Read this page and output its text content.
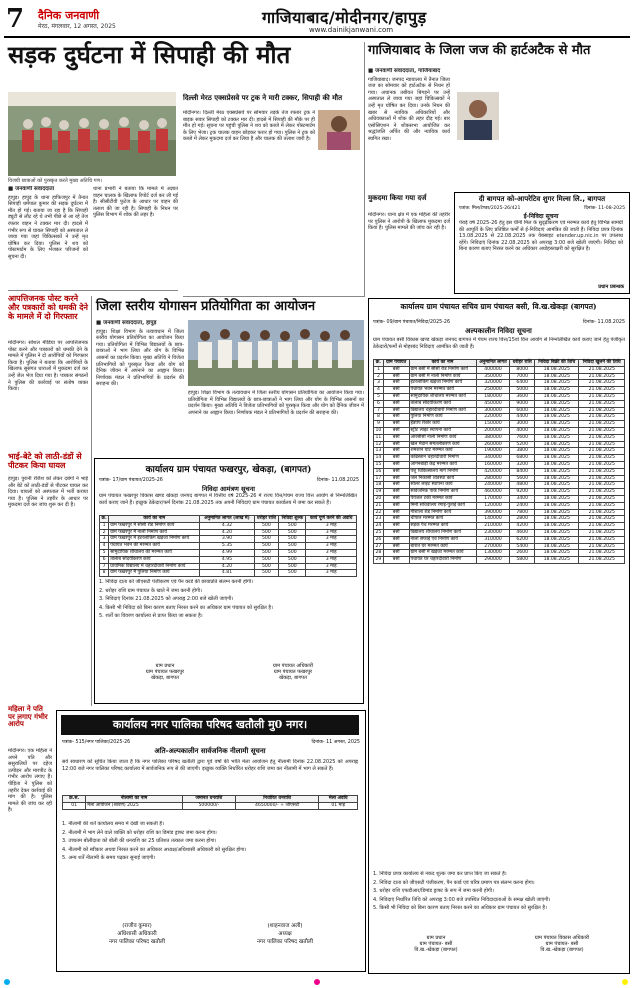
7 दैनिक जनवाणी
मेरठ, मंगलवार, 12 अगस्त, 2025	गाजियाबाद/मोदीनगर/हापुड़
www.dainikjanwani.com
सड़क दुर्घटना में सिपाही की मौत
विजयी छात्राओं को पुरस्कृत करते मुख्य अतिथि गण।
■ जनवाणी संवाददाता

हापुड़। हापुड़ के थाना हाफिजपुर में तैनात सिपाही धर्मपाल कुमार की सड़क दुर्घटना में मौत हो गई। बताया जा रहा है कि सिपाही ड्यूटी से लौट रहे थे तभी पीछे से आ रहे तेज रफ्तार वाहन ने टक्कर मार दी। हादसे में गंभीर रूप से घायल सिपाही को अस्पताल ले जाया गया जहां चिकित्सकों ने उन्हें मृत घोषित कर दिया। पुलिस ने शव को पोस्टमार्टम के लिए भेजकर परिजनों को सूचना दी।

थाना प्रभारी ने बताया कि मामले में अज्ञात वाहन चालक के खिलाफ रिपोर्ट दर्ज कर ली गई है। सीसीटीवी फुटेज के आधार पर वाहन की तलाश की जा रही है। सिपाही के निधन पर पुलिस विभाग में शोक की लहर है।

दिल्ली मेरठ एक्सप्रेसवे पर ट्रक ने मारी टक्कर, सिपाही की मौत
मोदीनगर। दिल्ली मेरठ एक्सप्रेसवे पर सोमवार तड़के तेज रफ्तार ट्रक ने बाइक सवार सिपाही को टक्कर मार दी। हादसे में सिपाही की मौके पर ही मौत हो गई। सूचना पर पहुंची पुलिस ने शव को कब्जे में लेकर पोस्टमार्टम के लिए भेजा। ट्रक चालक वाहन छोड़कर फरार हो गया। पुलिस ने ट्रक को कब्जे में लेकर मुकदमा दर्ज कर लिया है और चालक की तलाश जारी है।
गाजियाबाद के जिला जज की हार्टअटैक से मौत
■ जनवाणी संवाददाता, गाजियाबाद

गाजियाबाद। जनपद न्यायालय में तैनात जिला जज का सोमवार को हार्टअटैक से निधन हो गया। अचानक तबीयत बिगड़ने पर उन्हें अस्पताल ले जाया गया जहां चिकित्सकों ने उन्हें मृत घोषित कर दिया। उनके निधन की खबर से न्यायिक अधिकारियों और अधिवक्ताओं में शोक की लहर दौड़ गई। बार एसोसिएशन ने शोकसभा आयोजित कर श्रद्धांजलि अर्पित की और न्यायिक कार्य स्थगित रखा।

मुकदमा किया गया दर्ज
मोदीनगर। थाना क्षेत्र में एक महिला की तहरीर पर पुलिस ने आरोपी के खिलाफ मुकदमा दर्ज किया है। पुलिस मामले की जांच कर रही है।
दी बागपत को-आपरेटिव शुगर मिल्स लि., बागपत
पत्रांक: मिल/टेण्डर/2025-26/421	दिनांक- 11-08-2025
ई-निविदा सूचना
पेराई वर्ष 2025-26 हेतु इस चीनी मिल के सुदृढ़ीकरण एवं मरम्मत कार्य हेतु विभिन्न सामग्री की आपूर्ति के लिए प्रतिष्ठित फर्मों से ई-निविदाएं आमंत्रित की जाती हैं। निविदा प्रपत्र दिनांक 13.08.2025 से 22.08.2025 तक वेबसाइट etender.up.nic.in पर उपलब्ध रहेंगे। निविदाएं दिनांक 22.08.2025 को अपराह्न 3:00 बजे खोली जाएंगी। निविदा को बिना कारण बताए निरस्त करने का अधिकार अधोहस्ताक्षरी को सुरक्षित है।
प्रधान प्रबन्धक
आपत्तिजनक पोस्ट करने और पत्रकारों को धमकी देने के मामले में दो गिरफ्तार
मोदीनगर। सोशल मीडिया पर आपत्तिजनक पोस्ट करने और पत्रकारों को धमकी देने के मामले में पुलिस ने दो आरोपियों को गिरफ्तार किया है। पुलिस ने बताया कि आरोपियों के खिलाफ सुसंगत धाराओं में मुकदमा दर्ज कर उन्हें जेल भेज दिया गया है। पत्रकार संगठनों ने पुलिस की कार्रवाई पर संतोष व्यक्त किया।
भाई-बेटे को लाठी-डंडों से पीटकर किया घायल
हापुड़। पुरानी रंजिश को लेकर दबंगों ने भाई और बेटे को लाठी-डंडों से पीटकर घायल कर दिया। घायलों को अस्पताल में भर्ती कराया गया है। पुलिस ने तहरीर के आधार पर मुकदमा दर्ज कर जांच शुरू कर दी है।
महिला ने पति पर लगाए गंभीर आरोप
मोदीनगर। एक महिला ने अपने पति और ससुरालियों पर दहेज उत्पीड़न और मारपीट के गंभीर आरोप लगाए हैं। पीड़िता ने पुलिस को तहरीर देकर कार्रवाई की मांग की है। पुलिस मामले की जांच कर रही है।
जिला स्तरीय योगासन प्रतियोगिता का आयोजन
■ जनवाणी संवाददाता, हापुड़

हापुड़। शिक्षा विभाग के तत्वावधान में जिला स्तरीय योगासन प्रतियोगिता का आयोजन किया गया। प्रतियोगिता में विभिन्न विद्यालयों के छात्र-छात्राओं ने भाग लिया और योग के विभिन्न आसनों का प्रदर्शन किया। मुख्य अतिथि ने विजेता प्रतिभागियों को पुरस्कृत किया और योग को दैनिक जीवन में अपनाने का आह्वान किया। निर्णायक मंडल ने प्रतिभागियों के प्रदर्शन की सराहना की।

हापुड़। शिक्षा विभाग के तत्वावधान में जिला स्तरीय योगासन प्रतियोगिता का आयोजन किया गया। प्रतियोगिता में विभिन्न विद्यालयों के छात्र-छात्राओं ने भाग लिया और योग के विभिन्न आसनों का प्रदर्शन किया। मुख्य अतिथि ने विजेता प्रतिभागियों को पुरस्कृत किया और योग को दैनिक जीवन में अपनाने का आह्वान किया। निर्णायक मंडल ने प्रतिभागियों के प्रदर्शन की सराहना की।
कार्यालय ग्राम पंचायत फखरपुर, खेकड़ा, (बागपत)
पत्रांक- 17/ग्राम पंचायत/2025-26	दिनांक- 11.08.2025
निविदा आमंत्रण सूचना
ग्राम पंचायत फखरपुर विकास खण्ड खेकड़ा जनपद बागपत में वित्तीय वर्ष 2025-26 में राज्य वित्त/पंचम राज्य वित्त आयोग से निम्नलिखित कार्य कराए जाने हैं। इच्छुक ठेकेदार/फर्म दिनांक 21.08.2025 तक अपनी निविदाएं ग्राम पंचायत कार्यालय में जमा कर सकते हैं।
क्र.	कार्य का नाम	अनुमानित लागत (लाख में)	धरोहर राशि	निविदा शुल्क	कार्य पूर्ण करने की अवधि
1	ग्राम फखरपुर में सीसी रोड निर्माण कार्य	4.32	500	500	3 माह
2	ग्राम फखरपुर में नाली निर्माण कार्य	4.20	500	500	3 माह
3	ग्राम फखरपुर में इंटरलॉकिंग खड़ंजा निर्माण कार्य	3.90	500	500	3 माह
4	पंचायत भवन की मरम्मत कार्य	5.35	500	500	3 माह
5	सामुदायिक शौचालय की मरम्मत कार्य	4.99	500	500	3 माह
6	तालाब सौंदर्यीकरण कार्य	4.95	500	500	3 माह
7	प्राथमिक विद्यालय में चहारदीवारी निर्माण कार्य	4.20	500	500	3 माह
8	ग्राम फखरपुर में पुलिया निर्माण कार्य	4.81	500	500	3 माह

1. निविदा दाता को जीएसटी पंजीकरण एवं पैन कार्ड की छायाप्रति संलग्न करनी होगी।

2. धरोहर राशि ग्राम पंचायत के खाते में जमा करनी होगी।

3. निविदाएं दिनांक 21.08.2025 को अपराह्न 2:00 बजे खोली जाएंगी।

4. किसी भी निविदा को बिना कारण बताए निरस्त करने का अधिकार ग्राम पंचायत को सुरक्षित है।

5. शर्तों का विवरण कार्यालय से प्राप्त किया जा सकता है।

ग्राम प्रधान
ग्राम पंचायत फखरपुर
खेकड़ा, बागपत
ग्राम पंचायत अधिकारी
ग्राम पंचायत फखरपुर
खेकड़ा, बागपत
कार्यालय नगर पालिका परिषद खतौली मु0 नगर।
पत्रांक- 515/नगर पालिका/2025-26	दिनांक- 11 अगस्त, 2025
अति-अल्पकालीन सार्वजनिक नीलामी सूचना
सर्व साधारण को सूचित किया जाता है कि नगर पालिका परिषद खतौली द्वारा पूर्व वर्षों की भांति मेला आयोजन हेतु नीलामी दिनांक 22.08.2025 को अपराह्न 12:00 बजे नगर पालिका परिषद कार्यालय में सार्वजनिक रूप से की जाएगी। इच्छुक व्यक्ति निर्धारित धरोहर राशि जमा कर नीलामी में भाग ले सकते हैं।
क्र.सं.	नीलामी का नाम	जमानत धनराशि	निर्धारित धनराशि	मेला अवधि
01	मेला आयोजन (श्रावण) 2025	500000/-	4650000/- + जीएसटी	01 माह

1. नीलामी की शर्तें कार्यालय समय में देखी जा सकती हैं।

2. नीलामी में भाग लेने वाले व्यक्ति को धरोहर राशि का डिमांड ड्राफ्ट जमा करना होगा।

3. उच्चतम बोलीदाता को बोली की धनराशि का 25 प्रतिशत तत्काल जमा करना होगा।

4. नीलामी को स्वीकार अथवा निरस्त करने का अधिकार अध्यक्ष/अधिशासी अधिकारी को सुरक्षित होगा।

5. अन्य शर्तें नीलामी के समय पढ़कर सुनाई जाएंगी।

(राजीव कुमार)
अधिशासी अधिकारी
नगर पालिका परिषद खतौली
(शाहनवाज अली)
अध्यक्ष
नगर पालिका परिषद खतौली
कार्यालय ग्राम पंचायत सचिव ग्राम पंचायत बसी, वि.ख.खेकड़ा (बागपत)
पत्रांक- 09/ग्राम पंचायत/निविदा/2025-26	दिनांक- 11.08.2025
अल्पकालीन निविदा सूचना
ग्राम पंचायत बसी विकास खण्ड खेकड़ा जनपद बागपत में पंचम राज्य वित्त/15वां वित्त आयोग से निम्नलिखित कार्य कराए जाने हेतु पंजीकृत ठेकेदारों/फर्मों से मोहरबंद निविदाएं आमंत्रित की जाती हैं।
क्र.	ग्राम पंचायत	कार्य का नाम	अनुमानित लागत	धरोहर राशि	निविदा बिक्री की तिथि	निविदा खुलने की तिथि
1	बसी	ग्राम बसी में सीसी रोड निर्माण कार्य	400000	8000	18.08.2025	21.08.2025
2	बसी	ग्राम बसी में नाली निर्माण कार्य	350000	7000	18.08.2025	21.08.2025
3	बसी	इंटरलॉकिंग खड़ंजा निर्माण कार्य	320000	6400	18.08.2025	21.08.2025
4	बसी	पंचायत भवन मरम्मत कार्य	250000	5000	18.08.2025	21.08.2025
5	बसी	सामुदायिक शौचालय मरम्मत कार्य	180000	3600	18.08.2025	21.08.2025
6	बसी	तालाब सौंदर्यीकरण कार्य	450000	9000	18.08.2025	21.08.2025
7	बसी	विद्यालय चहारदीवारी निर्माण कार्य	300000	6000	18.08.2025	21.08.2025
8	बसी	पुलिया निर्माण कार्य	220000	4400	18.08.2025	21.08.2025
9	बसी	हैंडपंप रिबोर कार्य	150000	3000	18.08.2025	21.08.2025
10	बसी	स्ट्रीट लाइट स्थापना कार्य	200000	4000	18.08.2025	21.08.2025
11	बसी	आरसीसी नाली निर्माण कार्य	380000	7600	18.08.2025	21.08.2025
12	बसी	खेल मैदान समतलीकरण कार्य	260000	5200	18.08.2025	21.08.2025
13	बसी	शमशान घाट मरम्मत कार्य	190000	3800	18.08.2025	21.08.2025
14	बसी	कब्रिस्तान चहारदीवारी निर्माण	340000	6800	18.08.2025	21.08.2025
15	बसी	आंगनबाड़ी केंद्र मरम्मत कार्य	160000	3200	18.08.2025	21.08.2025
16	बसी	पशु चिकित्सालय मार्ग निर्माण	420000	8400	18.08.2025	21.08.2025
17	बसी	जल निकासी व्यवस्था कार्य	280000	5600	18.08.2025	21.08.2025
18	बसी	सोलर लाइट स्थापना कार्य	240000	4800	18.08.2025	21.08.2025
19	बसी	सार्वजनिक पार्क निर्माण कार्य	460000	9200	18.08.2025	21.08.2025
20	बसी	पेयजल टंकी मरम्मत कार्य	170000	3400	18.08.2025	21.08.2025
21	बसी	मिनी सचिवालय रंगाई-पुताई कार्य	120000	2400	18.08.2025	21.08.2025
22	बसी	गौशाला शेड निर्माण कार्य	390000	7800	18.08.2025	21.08.2025
23	बसी	चौपाल मरम्मत कार्य	140000	2800	18.08.2025	21.08.2025
24	बसी	सड़क पैच मरम्मत कार्य	210000	4200	18.08.2025	21.08.2025
25	बसी	विद्यालय शौचालय निर्माण कार्य	230000	4600	18.08.2025	21.08.2025
26	बसी	नाला सफाई एवं निर्माण कार्य	310000	6200	18.08.2025	21.08.2025
27	बसी	बारात घर मरम्मत कार्य	270000	5400	18.08.2025	21.08.2025
28	बसी	ग्राम बसी में खड़ंजा मरम्मत कार्य	130000	2600	18.08.2025	21.08.2025
29	बसी	पंचायत घर चहारदीवारी निर्माण	290000	5800	18.08.2025	21.08.2025

1. निविदा प्रपत्र कार्यालय से नकद शुल्क जमा कर प्राप्त किए जा सकते हैं।

2. निविदा दाता को जीएसटी पंजीकरण, पैन कार्ड एवं चरित्र प्रमाण पत्र संलग्न करना होगा।

3. धरोहर राशि एफडीआर/डिमांड ड्राफ्ट के रूप में जमा करनी होगी।

4. निविदाएं निर्धारित तिथि को अपराह्न 3:00 बजे उपस्थित निविदादाताओं के समक्ष खोली जाएंगी।

5. किसी भी निविदा को बिना कारण बताए निरस्त करने का अधिकार ग्राम पंचायत को सुरक्षित है।

ग्राम प्रधान
ग्राम पंचायत- बसी
वि.ख.-खेकड़ा (बागपत)
ग्राम पंचायत विकास अधिकारी
ग्राम पंचायत- बसी
वि.ख.-खेकड़ा (बागपत)
